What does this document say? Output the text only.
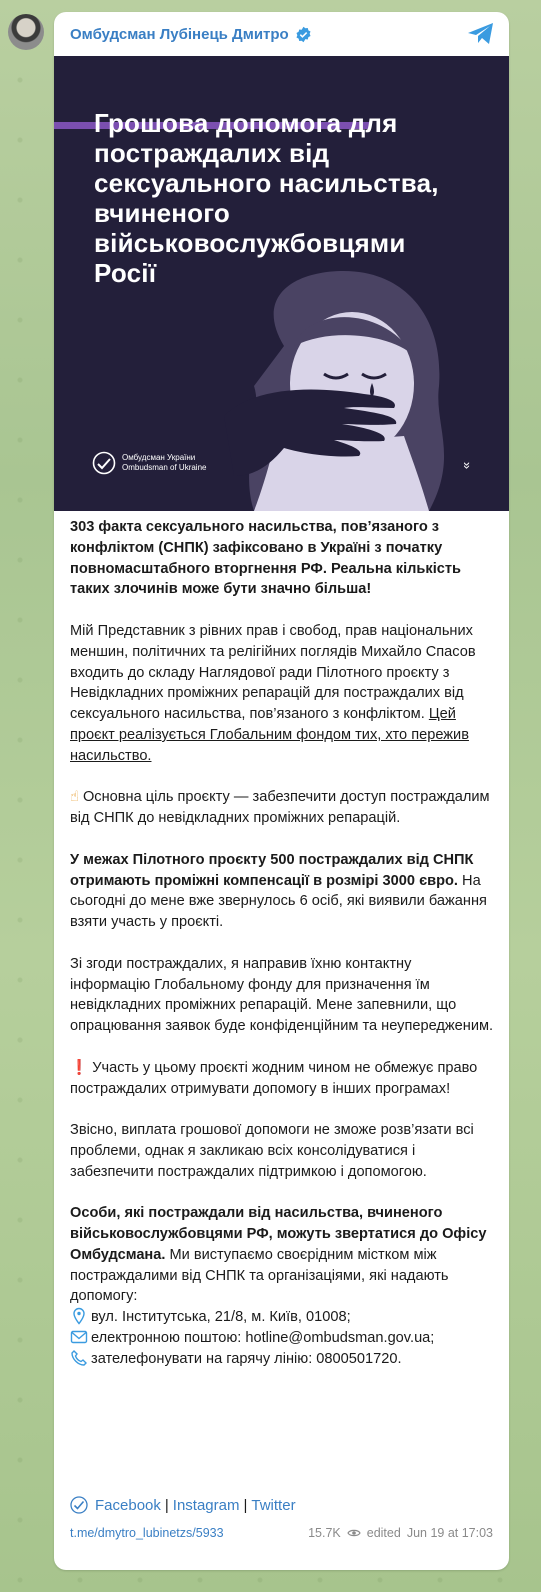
Омбудсман Лубінець Дмитро
Грошова допомога для постраждалих від сексуального насильства, вчиненого військовослужбовцями Росії
Омбудсман України
Ombudsman of Ukraine	»

303 факта сексуального насильства, пов’язаного з конфліктом (СНПК) зафіксовано в Україні з початку повномасштабного вторгнення РФ. Реальна кількість таких злочинів може бути значно більша!

Мій Представник з рівних прав і свобод, прав національних меншин, політичних та релігійних поглядів Михайло Спасов входить до складу Наглядової ради Пілотного проєкту з Невідкладних проміжних репарацій для постраждалих від сексуального насильства, пов’язаного з конфліктом. Цей проєкт реалізується Глобальним фондом тих, хто пережив насильство.

☝ Основна ціль проєкту — забезпечити доступ постраждалим від СНПК до невідкладних проміжних репарацій.

У межах Пілотного проєкту 500 постраждалих від СНПК отримають проміжні компенсації в розмірі 3000 євро. На сьогодні до мене вже звернулось 6 осіб, які виявили бажання взяти участь у проєкті.

Зі згоди постраждалих, я направив їхню контактну інформацію Глобальному фонду для призначення їм невідкладних проміжних репарацій. Мене запевнили, що опрацювання заявок буде конфіденційним та неупередженим.

❗ Участь у цьому проєкті жодним чином не обмежує право постраждалих отримувати допомогу в інших програмах!

Звісно, виплата грошової допомоги не зможе розв’язати всі проблеми, однак я закликаю всіх консолідуватися і забезпечити постраждалих підтримкою і допомогою.

Особи, які постраждали від насильства, вчиненого військовослужбовцями РФ, можуть звертатися до Офісу Омбудсмана. Ми виступаємо своєрідним містком між постраждалими від СНПК та організаціями, які надають допомогу:
вул. Інститутська, 21/8, м. Київ, 01008;
електронною поштою: hotline@ombudsman.gov.ua;
зателефонувати на гарячу лінію: 0800501720.

Facebook | Instagram | Twitter
t.me/dmytro_lubinetzs/5933	15.7K edited Jun 19 at 17:03
